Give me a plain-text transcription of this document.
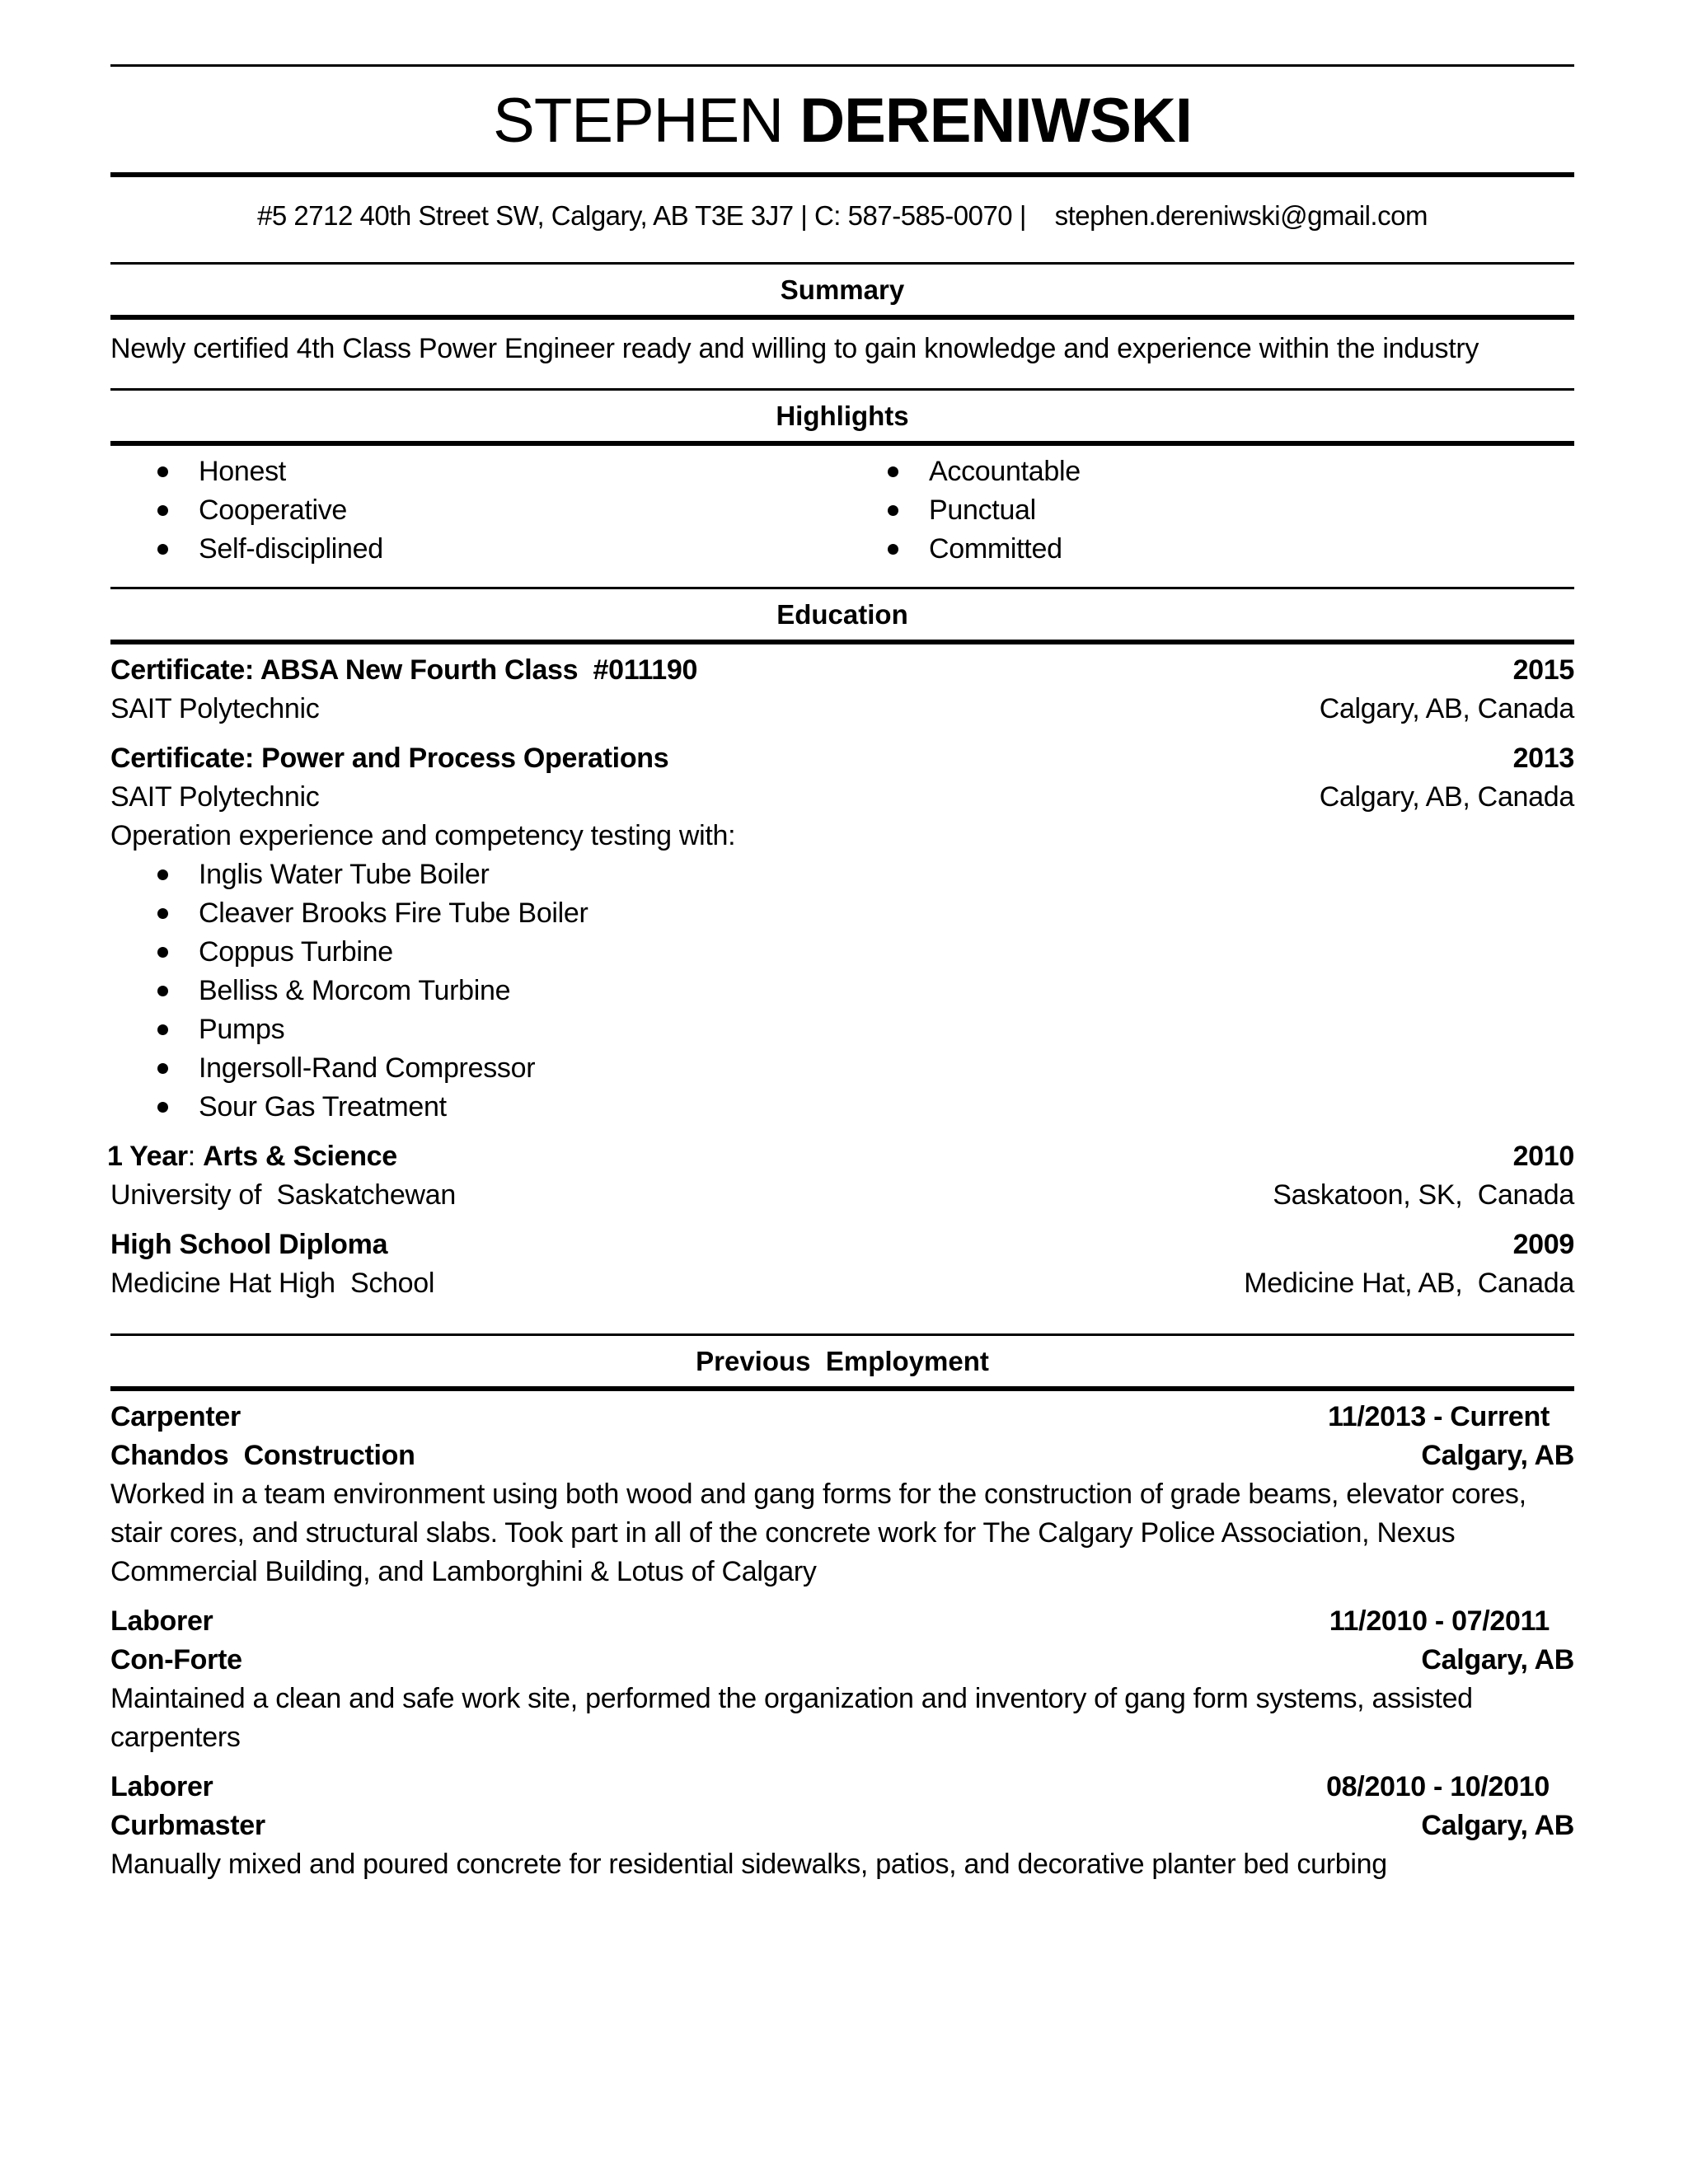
STEPHEN DERENIWSKI
#5 2712 40th Street SW, Calgary, AB T3E 3J7 | C: 587-585-0070 |    stephen.dereniwski@gmail.com
Summary
Newly certified 4th Class Power Engineer ready and willing to gain knowledge and experience within the industry
Highlights
Honest
Cooperative
Self-disciplined
Accountable
Punctual
Committed
Education
Certificate: ABSA New Fourth Class  #011190	2015
SAIT Polytechnic	Calgary, AB, Canada
Certificate: Power and Process Operations	2013
SAIT Polytechnic	Calgary, AB, Canada
Operation experience and competency testing with:
Inglis Water Tube Boiler
Cleaver Brooks Fire Tube Boiler
Coppus Turbine
Belliss & Morcom Turbine
Pumps
Ingersoll-Rand Compressor
Sour Gas Treatment
1 Year: Arts & Science	2010
University of  Saskatchewan	Saskatoon, SK,  Canada
High School Diploma	2009
Medicine Hat High  School	Medicine Hat, AB,  Canada
Previous  Employment
Carpenter	11/2013 - Current
Chandos  Construction	Calgary, AB
Worked in a team environment using both wood and gang forms for the construction of grade beams, elevator cores,
stair cores, and structural slabs. Took part in all of the concrete work for The Calgary Police Association, Nexus
Commercial Building, and Lamborghini & Lotus of Calgary
Laborer	11/2010 - 07/2011
Con-Forte	Calgary, AB
Maintained a clean and safe work site, performed the organization and inventory of gang form systems, assisted
carpenters
Laborer	08/2010 - 10/2010
Curbmaster	Calgary, AB
Manually mixed and poured concrete for residential sidewalks, patios, and decorative planter bed curbing
